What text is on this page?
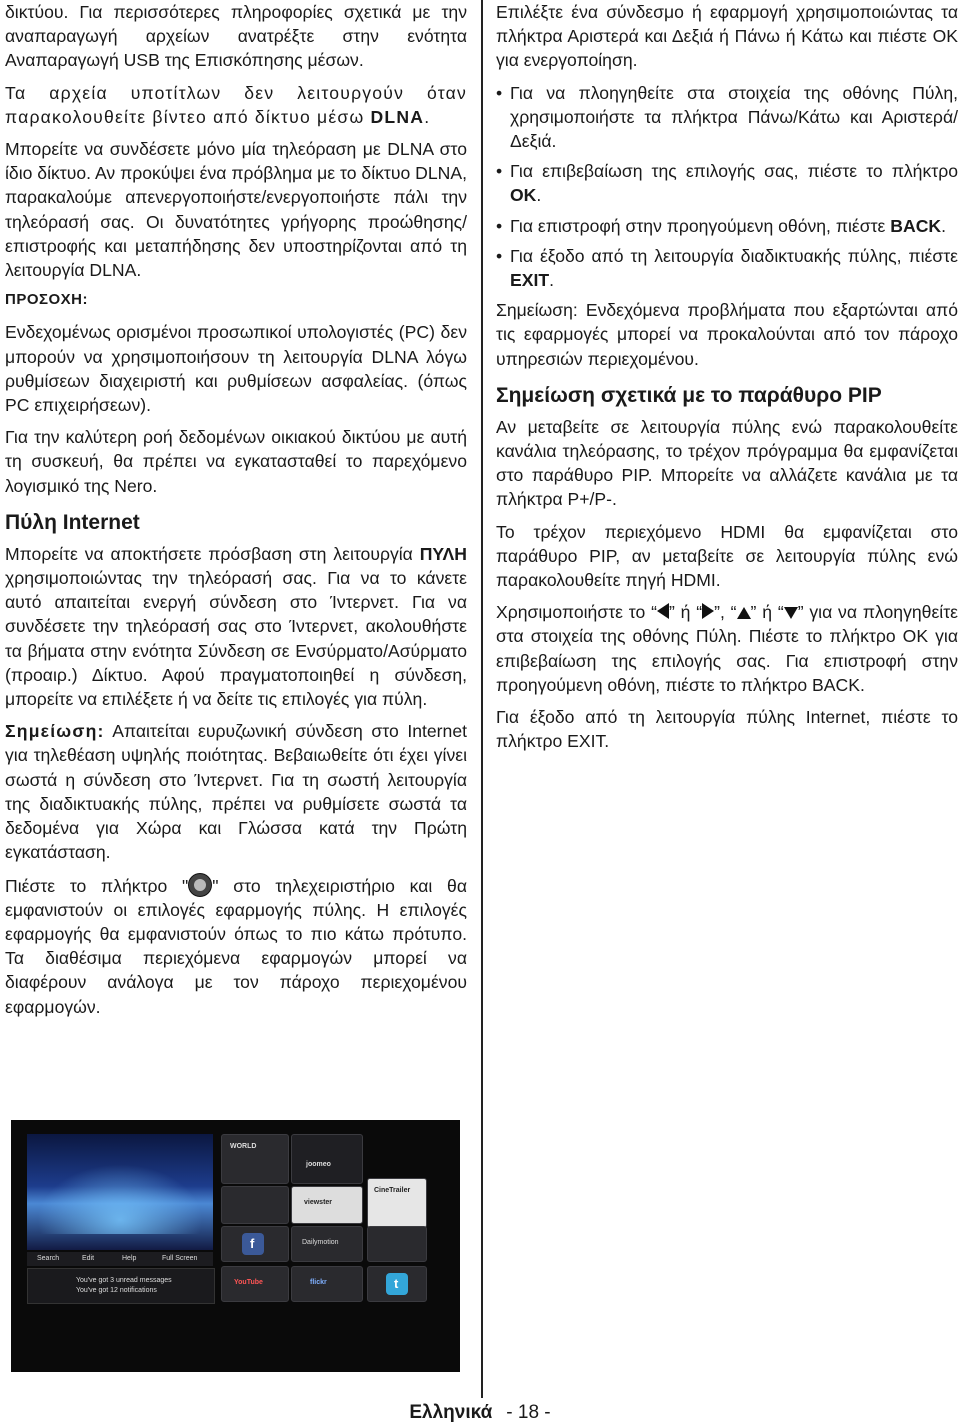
δικτύου. Για περισσότερες πληροφορίες σχετικά με την αναπαραγωγή αρχείων ανατρέξτε στην ενότητα Αναπαραγωγή USB της Επισκόπησης μέσων.

Τα αρχεία υποτίτλων δεν λειτουργούν όταν παρακολουθείτε βίντεο από δίκτυο μέσω DLNA.

Μπορείτε να συνδέσετε μόνο μία τηλεόραση με DLNA στο ίδιο δίκτυο. Αν προκύψει ένα πρόβλημα με το δίκτυο DLNA, παρακαλούμε απενεργοποιήστε/ενεργοποιήστε πάλι την τηλεόρασή σας. Οι δυνατότητες γρήγορης προώθησης/επιστροφής και μεταπήδησης δεν υποστηρίζονται από τη λειτουργία DLNA.

ΠΡΟΣΟΧΗ:

Ενδεχομένως ορισμένοι προσωπικοί υπολογιστές (PC) δεν μπορούν να χρησιμοποιήσουν τη λειτουργία DLNA λόγω ρυθμίσεων διαχειριστή και ρυθμίσεων ασφαλείας. (όπως PC επιχειρήσεων).

Για την καλύτερη ροή δεδομένων οικιακού δικτύου με αυτή τη συσκευή, θα πρέπει να εγκατασταθεί το παρεχόμενο λογισμικό της Nero.

Πύλη Internet

Μπορείτε να αποκτήσετε πρόσβαση στη λειτουργία ΠΥΛΗ χρησιμοποιώντας την τηλεόρασή σας. Για να το κάνετε αυτό απαιτείται ενεργή σύνδεση στο Ίντερνετ. Για να συνδέσετε την τηλεόρασή σας στο Ίντερνετ, ακολουθήστε τα βήματα στην ενότητα Σύνδεση σε Ενσύρματο/Ασύρματο (προαιρ.) Δίκτυο. Αφού πραγματοποιηθεί η σύνδεση, μπορείτε να επιλέξετε ή να δείτε τις επιλογές για πύλη.

Σημείωση: Απαιτείται ευρυζωνική σύνδεση στο Internet για τηλεθέαση υψηλής ποιότητας. Βεβαιωθείτε ότι έχει γίνει σωστά η σύνδεση στο Ίντερνετ. Για τη σωστή λειτουργία της διαδικτυακής πύλης, πρέπει να ρυθμίσετε σωστά τα δεδομένα για Χώρα και Γλώσσα κατά την Πρώτη εγκατάσταση.

Πιέστε το πλήκτρο " " στο τηλεχειριστήριο και θα εμφανιστούν οι επιλογές εφαρμογής πύλης. Η επιλογές εφαρμογής θα εμφανιστούν όπως το πιο κάτω πρότυπο. Τα διαθέσιμα περιεχόμενα εφαρμογών μπορεί να διαφέρουν ανάλογα με τον πάροχο περιεχομένου εφαρμογών.

Επιλέξτε ένα σύνδεσμο ή εφαρμογή χρησιμοποιώντας τα πλήκτρα Αριστερά και Δεξιά ή Πάνω ή Κάτω και πιέστε OK για ενεργοποίηση.

• Για να πλοηγηθείτε στα στοιχεία της οθόνης Πύλη, χρησιμοποιήστε τα πλήκτρα Πάνω/Κάτω και Αριστερά/Δεξιά.
• Για επιβεβαίωση της επιλογής σας, πιέστε το πλήκτρο OK.
• Για επιστροφή στην προηγούμενη οθόνη, πιέστε BACK.
• Για έξοδο από τη λειτουργία διαδικτυακής πύλης, πιέστε EXIT.

Σημείωση: Ενδεχόμενα προβλήματα που εξαρτώνται από τις εφαρμογές μπορεί να προκαλούνται από τον πάροχο υπηρεσιών περιεχομένου.

Σημείωση σχετικά με το παράθυρο PIP

Αν μεταβείτε σε λειτουργία πύλης ενώ παρακολουθείτε κανάλια τηλεόρασης, το τρέχον πρόγραμμα θα εμφανίζεται στο παράθυρο PIP. Μπορείτε να αλλάζετε κανάλια με τα πλήκτρα P+/P-.

Το τρέχον περιεχόμενο HDMI θα εμφανίζεται στο παράθυρο PIP, αν μεταβείτε σε λειτουργία πύλης ενώ παρακολουθείτε πηγή HDMI.

Χρησιμοποιήστε το “ ” ή “ ”, “ ” ή “ ” για να πλοηγηθείτε στα στοιχεία της οθόνης Πύλη. Πιέστε το πλήκτρο OK για επιβεβαίωση της επιλογής σας. Για επιστροφή στην προηγούμενη οθόνη, πιέστε το πλήκτρο BACK.

Για έξοδο από τη λειτουργία πύλης Internet, πιέστε το πλήκτρο EXIT.

Search	Edit	Help	Full Screen
You've got 3 unread messages
You've got 12 notifications
WORLD
joomeo
viewster
CineTrailer
f	Dailymotion
YouTube	flickr	t
Ελληνικά - 18 -
